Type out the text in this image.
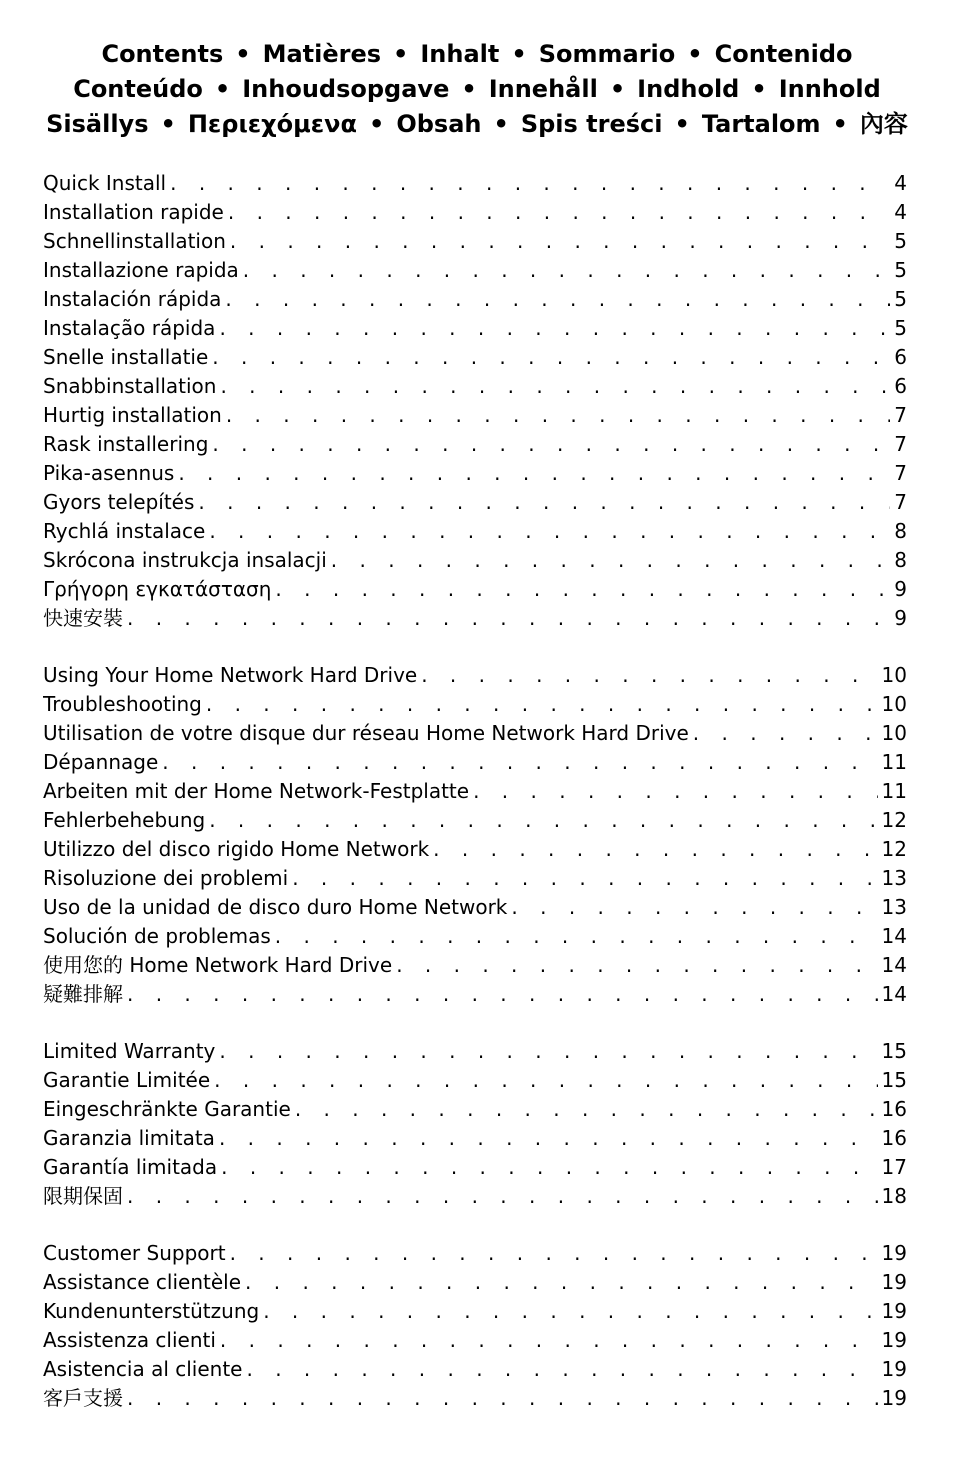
Contents • Matières • Inhalt • Sommario • Contenido
Conteúdo • Inhoudsopgave • Innehåll • Indhold • Innhold
Sisällys • Περιεχόμενα • Obsah • Spis treści • Tartalom • 內容
Quick Install . . .	4
Installation rapide . . .	4
Schnellinstallation . . .	5
Installazione rapida . . .	5
Instalación rápida . . .	5
Instalação rápida . . .	5
Snelle installatie . . .	6
Snabbinstallation . . .	6
Hurtig installation . . .	7
Rask installering . . .	7
Pika-asennus . . .	7
Gyors telepítés . . .	7
Rychlá instalace . . .	8
Skrócona instrukcja insalacji . . .	8
Γρήγορη εγκατάσταση . . .	9
快速安裝 . . .	9
Using Your Home Network Hard Drive . . .	10
Troubleshooting . . .	10
Utilisation de votre disque dur réseau Home Network Hard Drive . . .	10
Dépannage . . .	11
Arbeiten mit der Home Network-Festplatte . . .	11
Fehlerbehebung . . .	12
Utilizzo del disco rigido Home Network . . .	12
Risoluzione dei problemi . . .	13
Uso de la unidad de disco duro Home Network . . .	13
Solución de problemas . . .	14
使用您的 Home Network Hard Drive . . .	14
疑難排解 . . .	14
Limited Warranty . . .	15
Garantie Limitée . . .	15
Eingeschränkte Garantie . . .	16
Garanzia limitata . . .	16
Garantía limitada . . .	17
限期保固 . . .	18
Customer Support . . .	19
Assistance clientèle . . .	19
Kundenunterstützung . . .	19
Assistenza clienti . . .	19
Asistencia al cliente . . .	19
客戶支援 . . .	19
